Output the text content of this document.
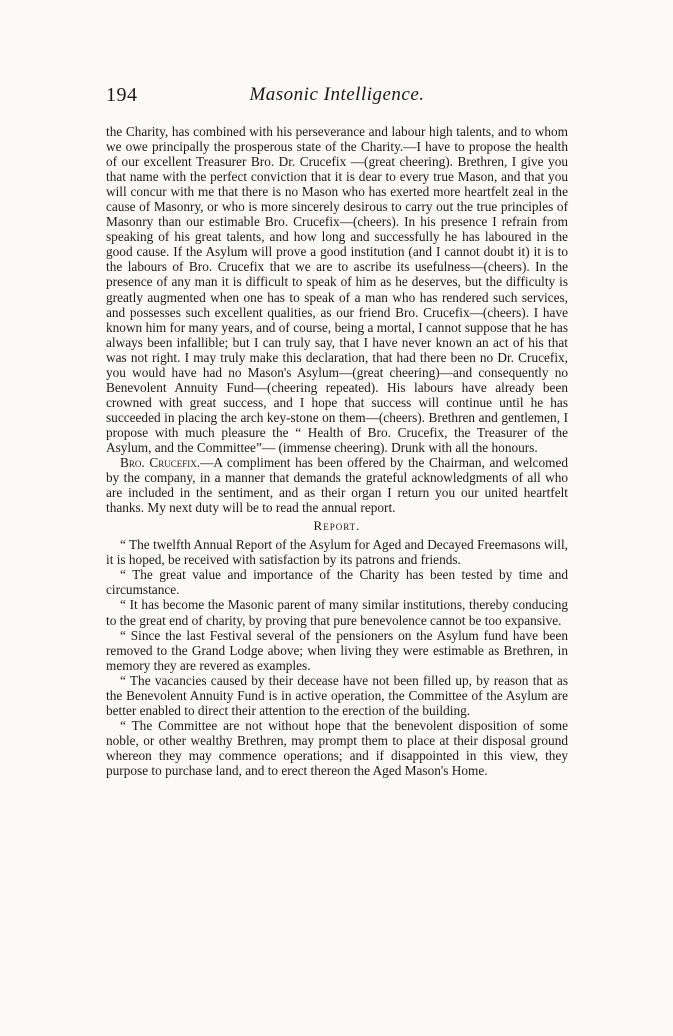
194	Masonic Intelligence.

the Charity, has combined with his perseverance and labour high talents, and to whom we owe principally the prosperous state of the Charity.—I have to propose the health of our excellent Treasurer Bro. Dr. Crucefix —(great cheering). Brethren, I give you that name with the perfect conviction that it is dear to every true Mason, and that you will concur with me that there is no Mason who has exerted more heartfelt zeal in the cause of Masonry, or who is more sincerely desirous to carry out the true principles of Masonry than our estimable Bro. Crucefix—(cheers). In his presence I refrain from speaking of his great talents, and how long and successfully he has laboured in the good cause. If the Asylum will prove a good institution (and I cannot doubt it) it is to the labours of Bro. Crucefix that we are to ascribe its usefulness—(cheers). In the presence of any man it is difficult to speak of him as he deserves, but the difficulty is greatly augmented when one has to speak of a man who has rendered such services, and possesses such excellent qualities, as our friend Bro. Crucefix—(cheers). I have known him for many years, and of course, being a mortal, I cannot suppose that he has always been infallible; but I can truly say, that I have never known an act of his that was not right. I may truly make this declaration, that had there been no Dr. Crucefix, you would have had no Mason's Asylum—(great cheering)—and consequently no Benevolent Annuity Fund—(cheering repeated). His labours have already been crowned with great success, and I hope that success will continue until he has succeeded in placing the arch key-stone on them—(cheers). Brethren and gentlemen, I propose with much pleasure the “ Health of Bro. Crucefix, the Treasurer of the Asylum, and the Committee”— (immense cheering). Drunk with all the honours.

Bro. Crucefix.—A compliment has been offered by the Chairman, and welcomed by the company, in a manner that demands the grateful acknowledgments of all who are included in the sentiment, and as their organ I return you our united heartfelt thanks. My next duty will be to read the annual report.

Report.

“ The twelfth Annual Report of the Asylum for Aged and Decayed Freemasons will, it is hoped, be received with satisfaction by its patrons and friends.

“ The great value and importance of the Charity has been tested by time and circumstance.

“ It has become the Masonic parent of many similar institutions, thereby conducing to the great end of charity, by proving that pure benevolence cannot be too expansive.

“ Since the last Festival several of the pensioners on the Asylum fund have been removed to the Grand Lodge above; when living they were estimable as Brethren, in memory they are revered as examples.

“ The vacancies caused by their decease have not been filled up, by reason that as the Benevolent Annuity Fund is in active operation, the Committee of the Asylum are better enabled to direct their attention to the erection of the building.

“ The Committee are not without hope that the benevolent disposition of some noble, or other wealthy Brethren, may prompt them to place at their disposal ground whereon they may commence operations; and if disappointed in this view, they purpose to purchase land, and to erect thereon the Aged Mason's Home.
